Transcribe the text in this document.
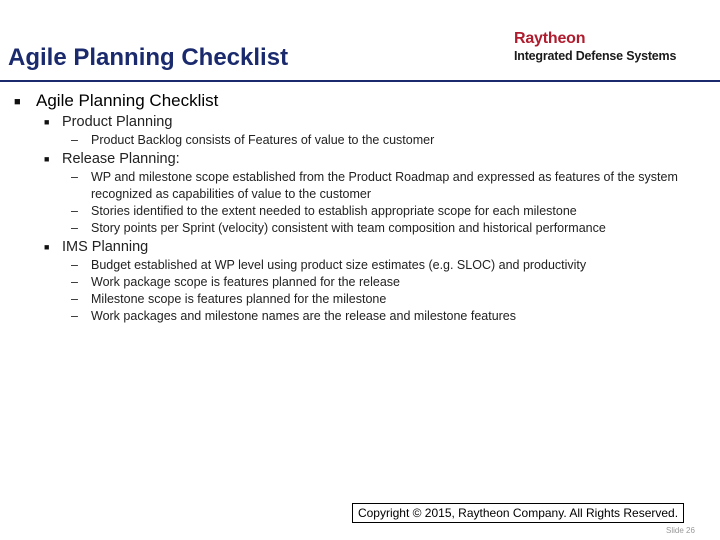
Agile Planning Checklist
Raytheon
Integrated Defense Systems
■ Agile Planning Checklist
■ Product Planning
– Product Backlog consists of Features of value to the customer
■ Release Planning:
– WP and milestone scope established from the Product Roadmap and expressed as features of the system recognized as capabilities of value to the customer
– Stories identified to the extent needed to establish appropriate scope for each milestone
– Story points per Sprint (velocity) consistent with team composition and historical performance
■ IMS Planning
– Budget established at WP level using product size estimates (e.g. SLOC) and productivity
– Work package scope is features planned for the release
– Milestone scope is features planned for the milestone
– Work packages and milestone names are the release and milestone features
Copyright © 2015, Raytheon Company. All Rights Reserved.
Slide 26
